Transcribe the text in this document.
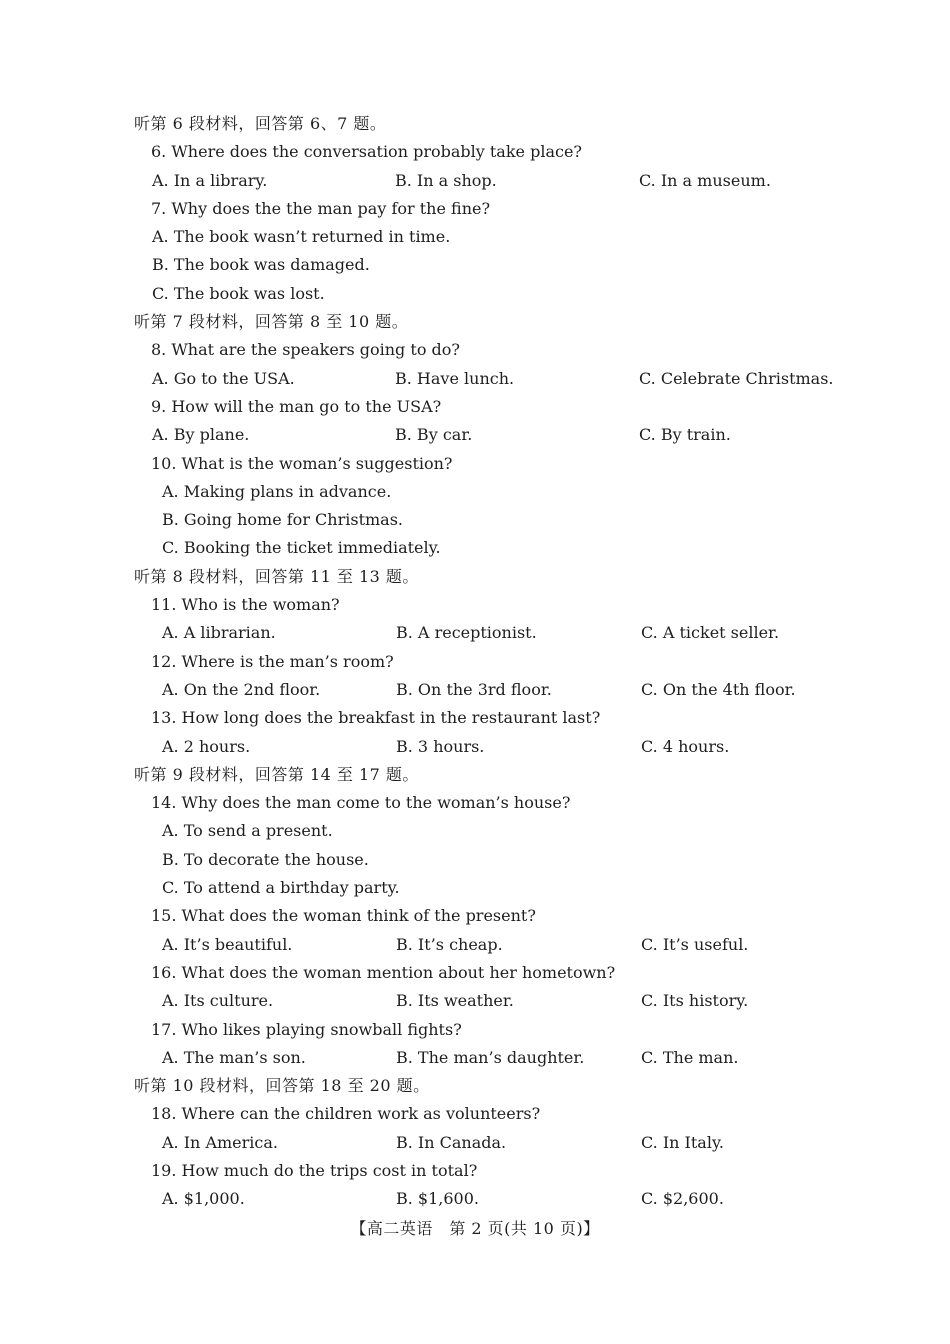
听第 6 段材料，回答第 6、7 题。
6. Where does the conversation probably take place?
A. In a library.	B. In a shop.	C. In a museum.
7. Why does the the man pay for the fine?
A. The book wasn’t returned in time.
B. The book was damaged.
C. The book was lost.
听第 7 段材料，回答第 8 至 10 题。
8. What are the speakers going to do?
A. Go to the USA.	B. Have lunch.	C. Celebrate Christmas.
9. How will the man go to the USA?
A. By plane.	B. By car.	C. By train.
10. What is the woman’s suggestion?
A. Making plans in advance.
B. Going home for Christmas.
C. Booking the ticket immediately.
听第 8 段材料，回答第 11 至 13 题。
11. Who is the woman?
A. A librarian.	B. A receptionist.	C. A ticket seller.
12. Where is the man’s room?
A. On the 2nd floor.	B. On the 3rd floor.	C. On the 4th floor.
13. How long does the breakfast in the restaurant last?
A. 2 hours.	B. 3 hours.	C. 4 hours.
听第 9 段材料，回答第 14 至 17 题。
14. Why does the man come to the woman’s house?
A. To send a present.
B. To decorate the house.
C. To attend a birthday party.
15. What does the woman think of the present?
A. It’s beautiful.	B. It’s cheap.	C. It’s useful.
16. What does the woman mention about her hometown?
A. Its culture.	B. Its weather.	C. Its history.
17. Who likes playing snowball fights?
A. The man’s son.	B. The man’s daughter.	C. The man.
听第 10 段材料，回答第 18 至 20 题。
18. Where can the children work as volunteers?
A. In America.	B. In Canada.	C. In Italy.
19. How much do the trips cost in total?
A. $1,000.	B. $1,600.	C. $2,600.
【高二英语　第 2 页(共 10 页)】
